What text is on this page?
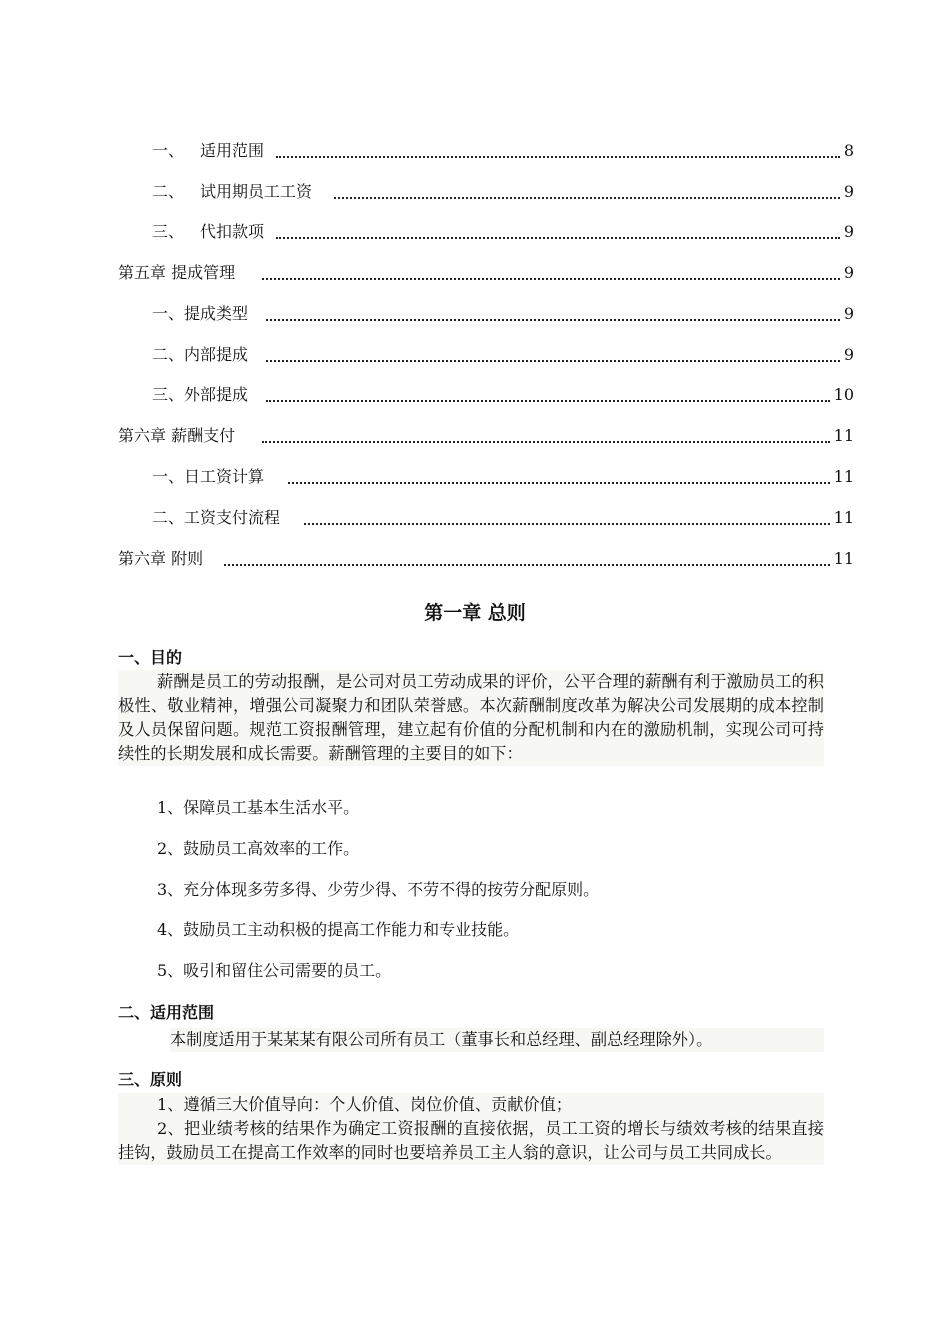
一、 适用范围	8
二、 试用期员工工资	9
三、 代扣款项	9
第五章 提成管理	9
一、提成类型	9
二、内部提成	9
三、外部提成	10
第六章 薪酬支付	11
一、日工资计算	11
二、工资支付流程	11
第六章 附则	11
第一章 总则
一、目的

薪酬是员工的劳动报酬，是公司对员工劳动成果的评价，公平合理的薪酬有利于激励员工的积极性、敬业精神，增强公司凝聚力和团队荣誉感。本次薪酬制度改革为解决公司发展期的成本控制及人员保留问题。规范工资报酬管理，建立起有价值的分配机制和内在的激励机制，实现公司可持续性的长期发展和成长需要。薪酬管理的主要目的如下：

1、保障员工基本生活水平。
2、鼓励员工高效率的工作。
3、充分体现多劳多得、少劳少得、不劳不得的按劳分配原则。
4、鼓励员工主动积极的提高工作能力和专业技能。
5、吸引和留住公司需要的员工。
二、适用范围
本制度适用于某某某有限公司所有员工（董事长和总经理、副总经理除外）。
三、原则

1、遵循三大价值导向：个人价值、岗位价值、贡献价值；

2、把业绩考核的结果作为确定工资报酬的直接依据，员工工资的增长与绩效考核的结果直接挂钩，鼓励员工在提高工作效率的同时也要培养员工主人翁的意识，让公司与员工共同成长。
